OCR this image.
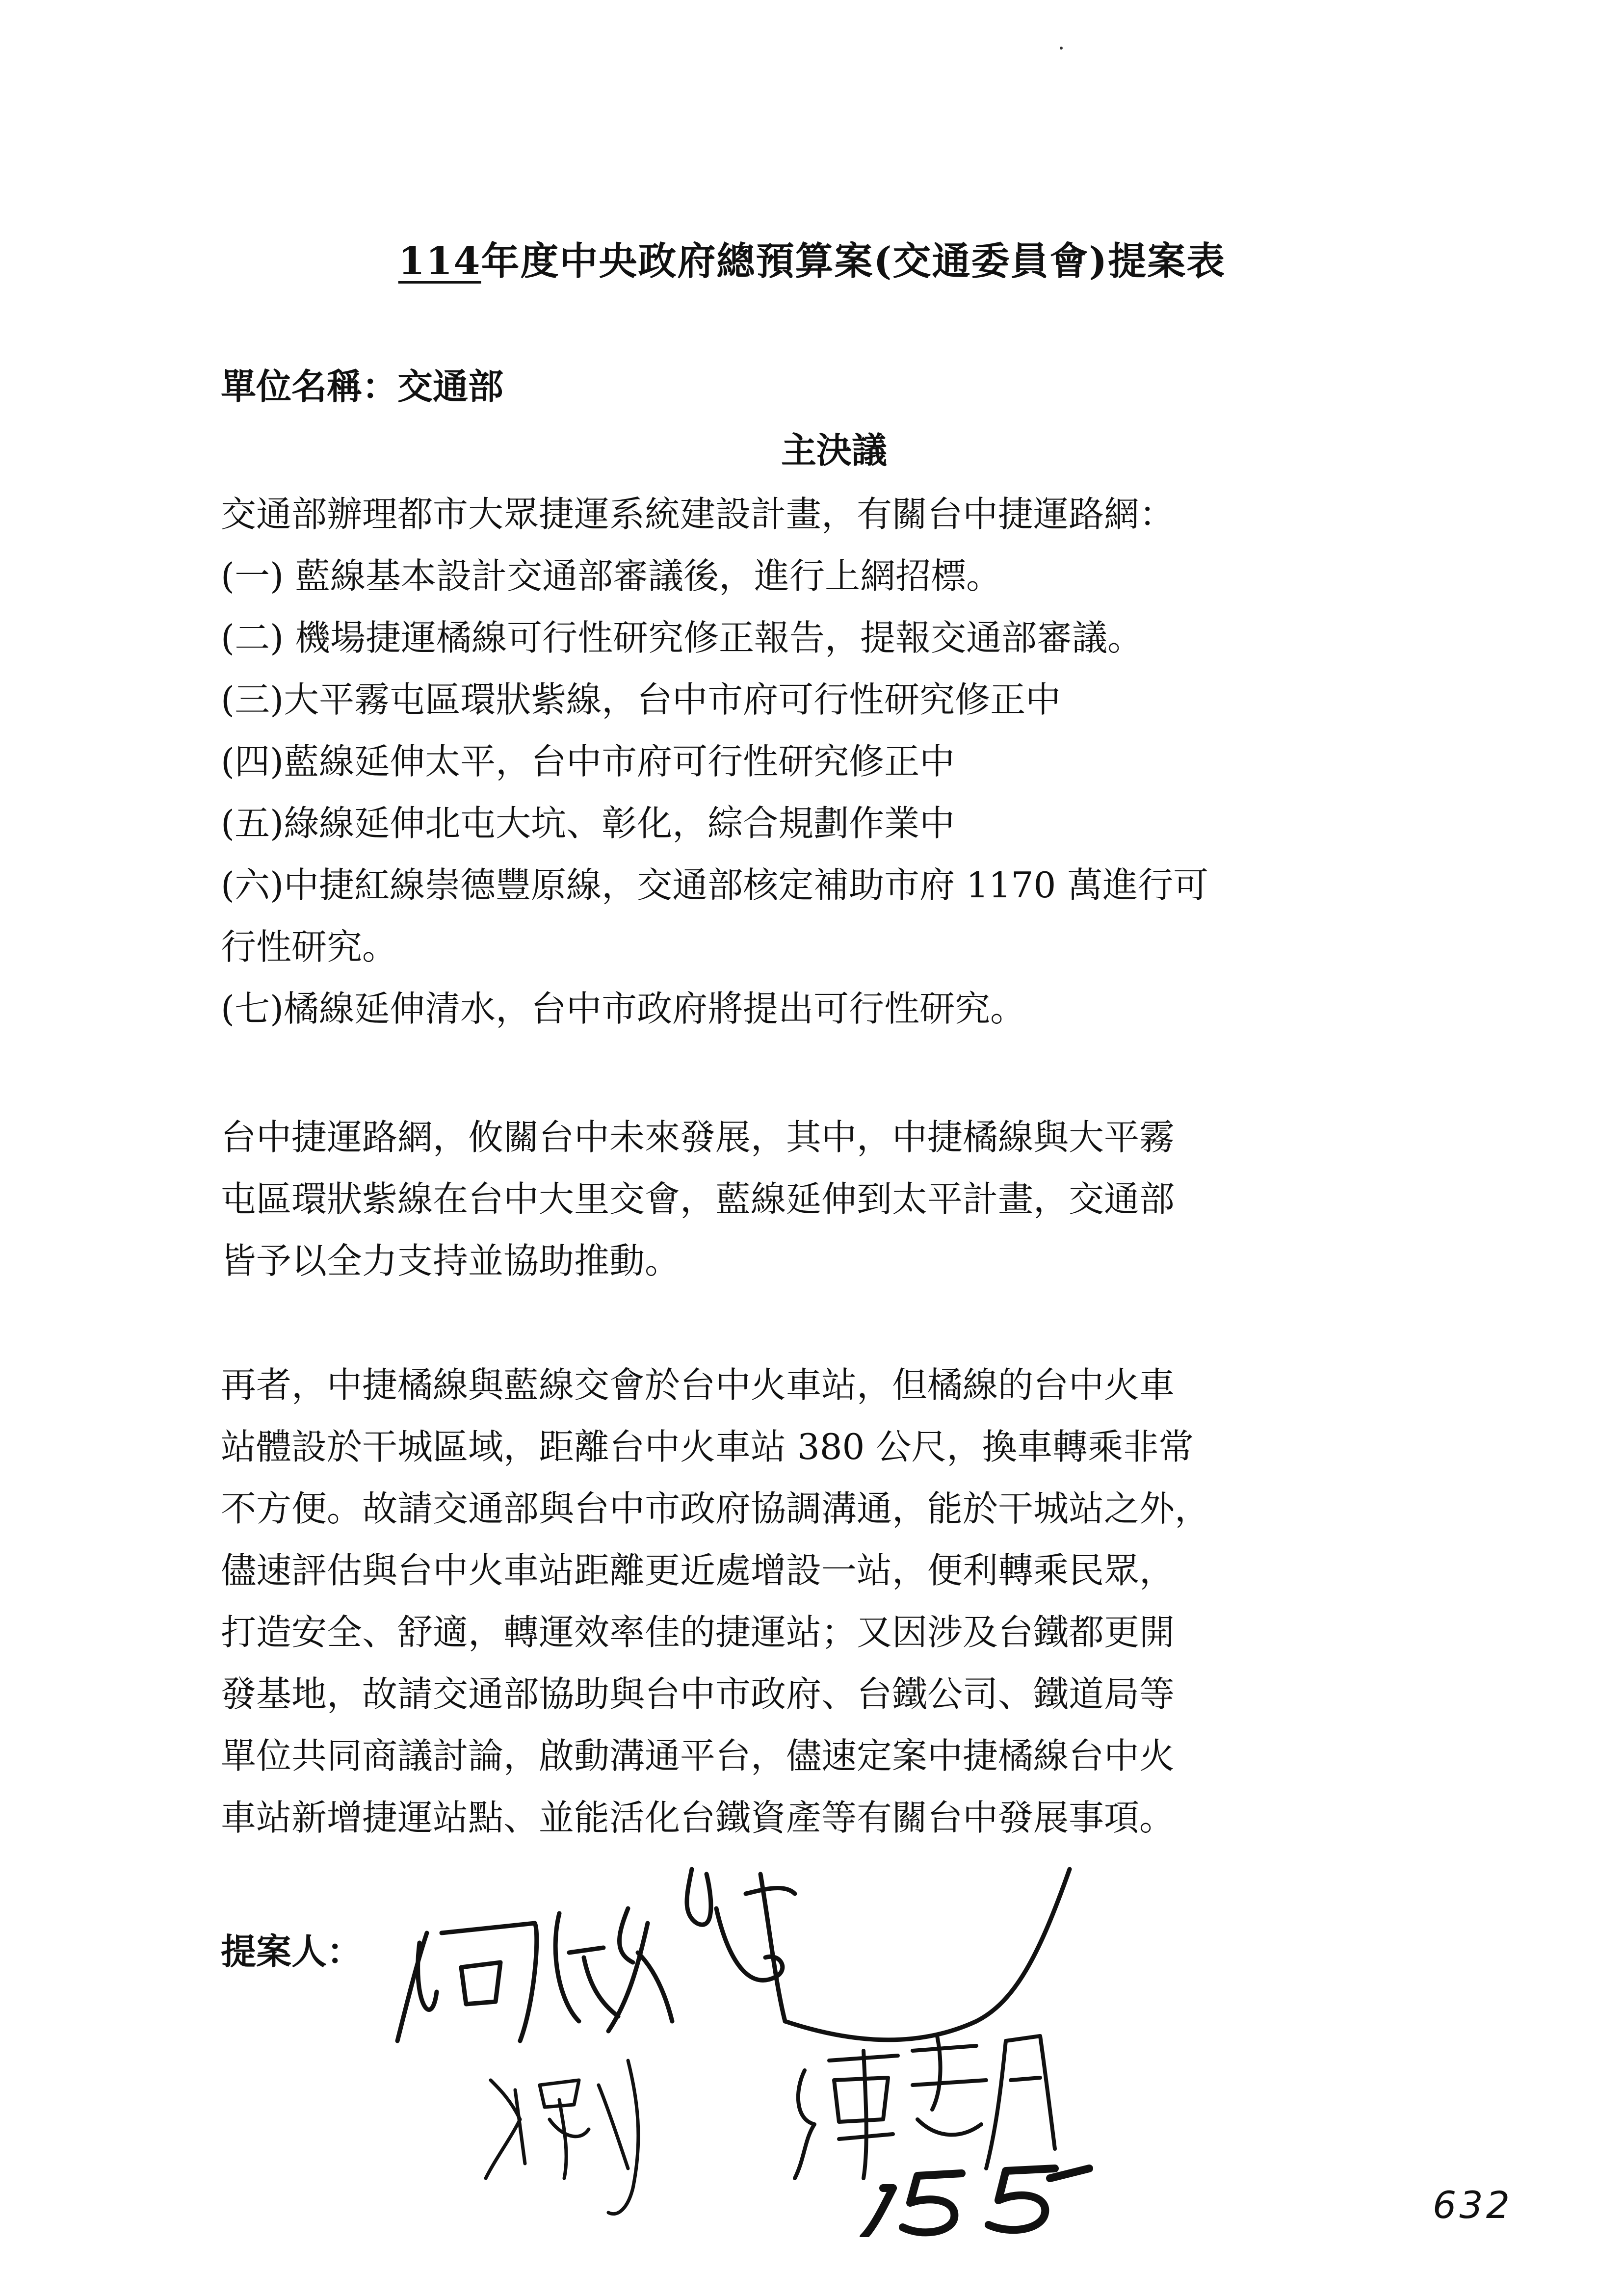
114年度中央政府總預算案(交通委員會)提案表
單位名稱：交通部
主決議

交通部辦理都市大眾捷運系統建設計畫，有關台中捷運路網：

(一) 藍線基本設計交通部審議後，進行上網招標。

(二) 機場捷運橘線可行性研究修正報告，提報交通部審議。

(三)大平霧屯區環狀紫線，台中市府可行性研究修正中

(四)藍線延伸太平，台中市府可行性研究修正中

(五)綠線延伸北屯大坑、彰化，綜合規劃作業中

(六)中捷紅線崇德豐原線，交通部核定補助市府 1170 萬進行可

行性研究。

(七)橘線延伸清水，台中市政府將提出可行性研究。

台中捷運路網，攸關台中未來發展，其中，中捷橘線與大平霧

屯區環狀紫線在台中大里交會，藍線延伸到太平計畫，交通部

皆予以全力支持並協助推動。

再者，中捷橘線與藍線交會於台中火車站，但橘線的台中火車

站體設於干城區域，距離台中火車站 380 公尺，換車轉乘非常

不方便。故請交通部與台中市政府協調溝通，能於干城站之外，

儘速評估與台中火車站距離更近處增設一站，便利轉乘民眾，

打造安全、舒適，轉運效率佳的捷運站；又因涉及台鐵都更開

發基地，故請交通部協助與台中市政府、台鐵公司、鐵道局等

單位共同商議討論，啟動溝通平台，儘速定案中捷橘線台中火

車站新增捷運站點、並能活化台鐵資產等有關台中發展事項。

提案人：
632
